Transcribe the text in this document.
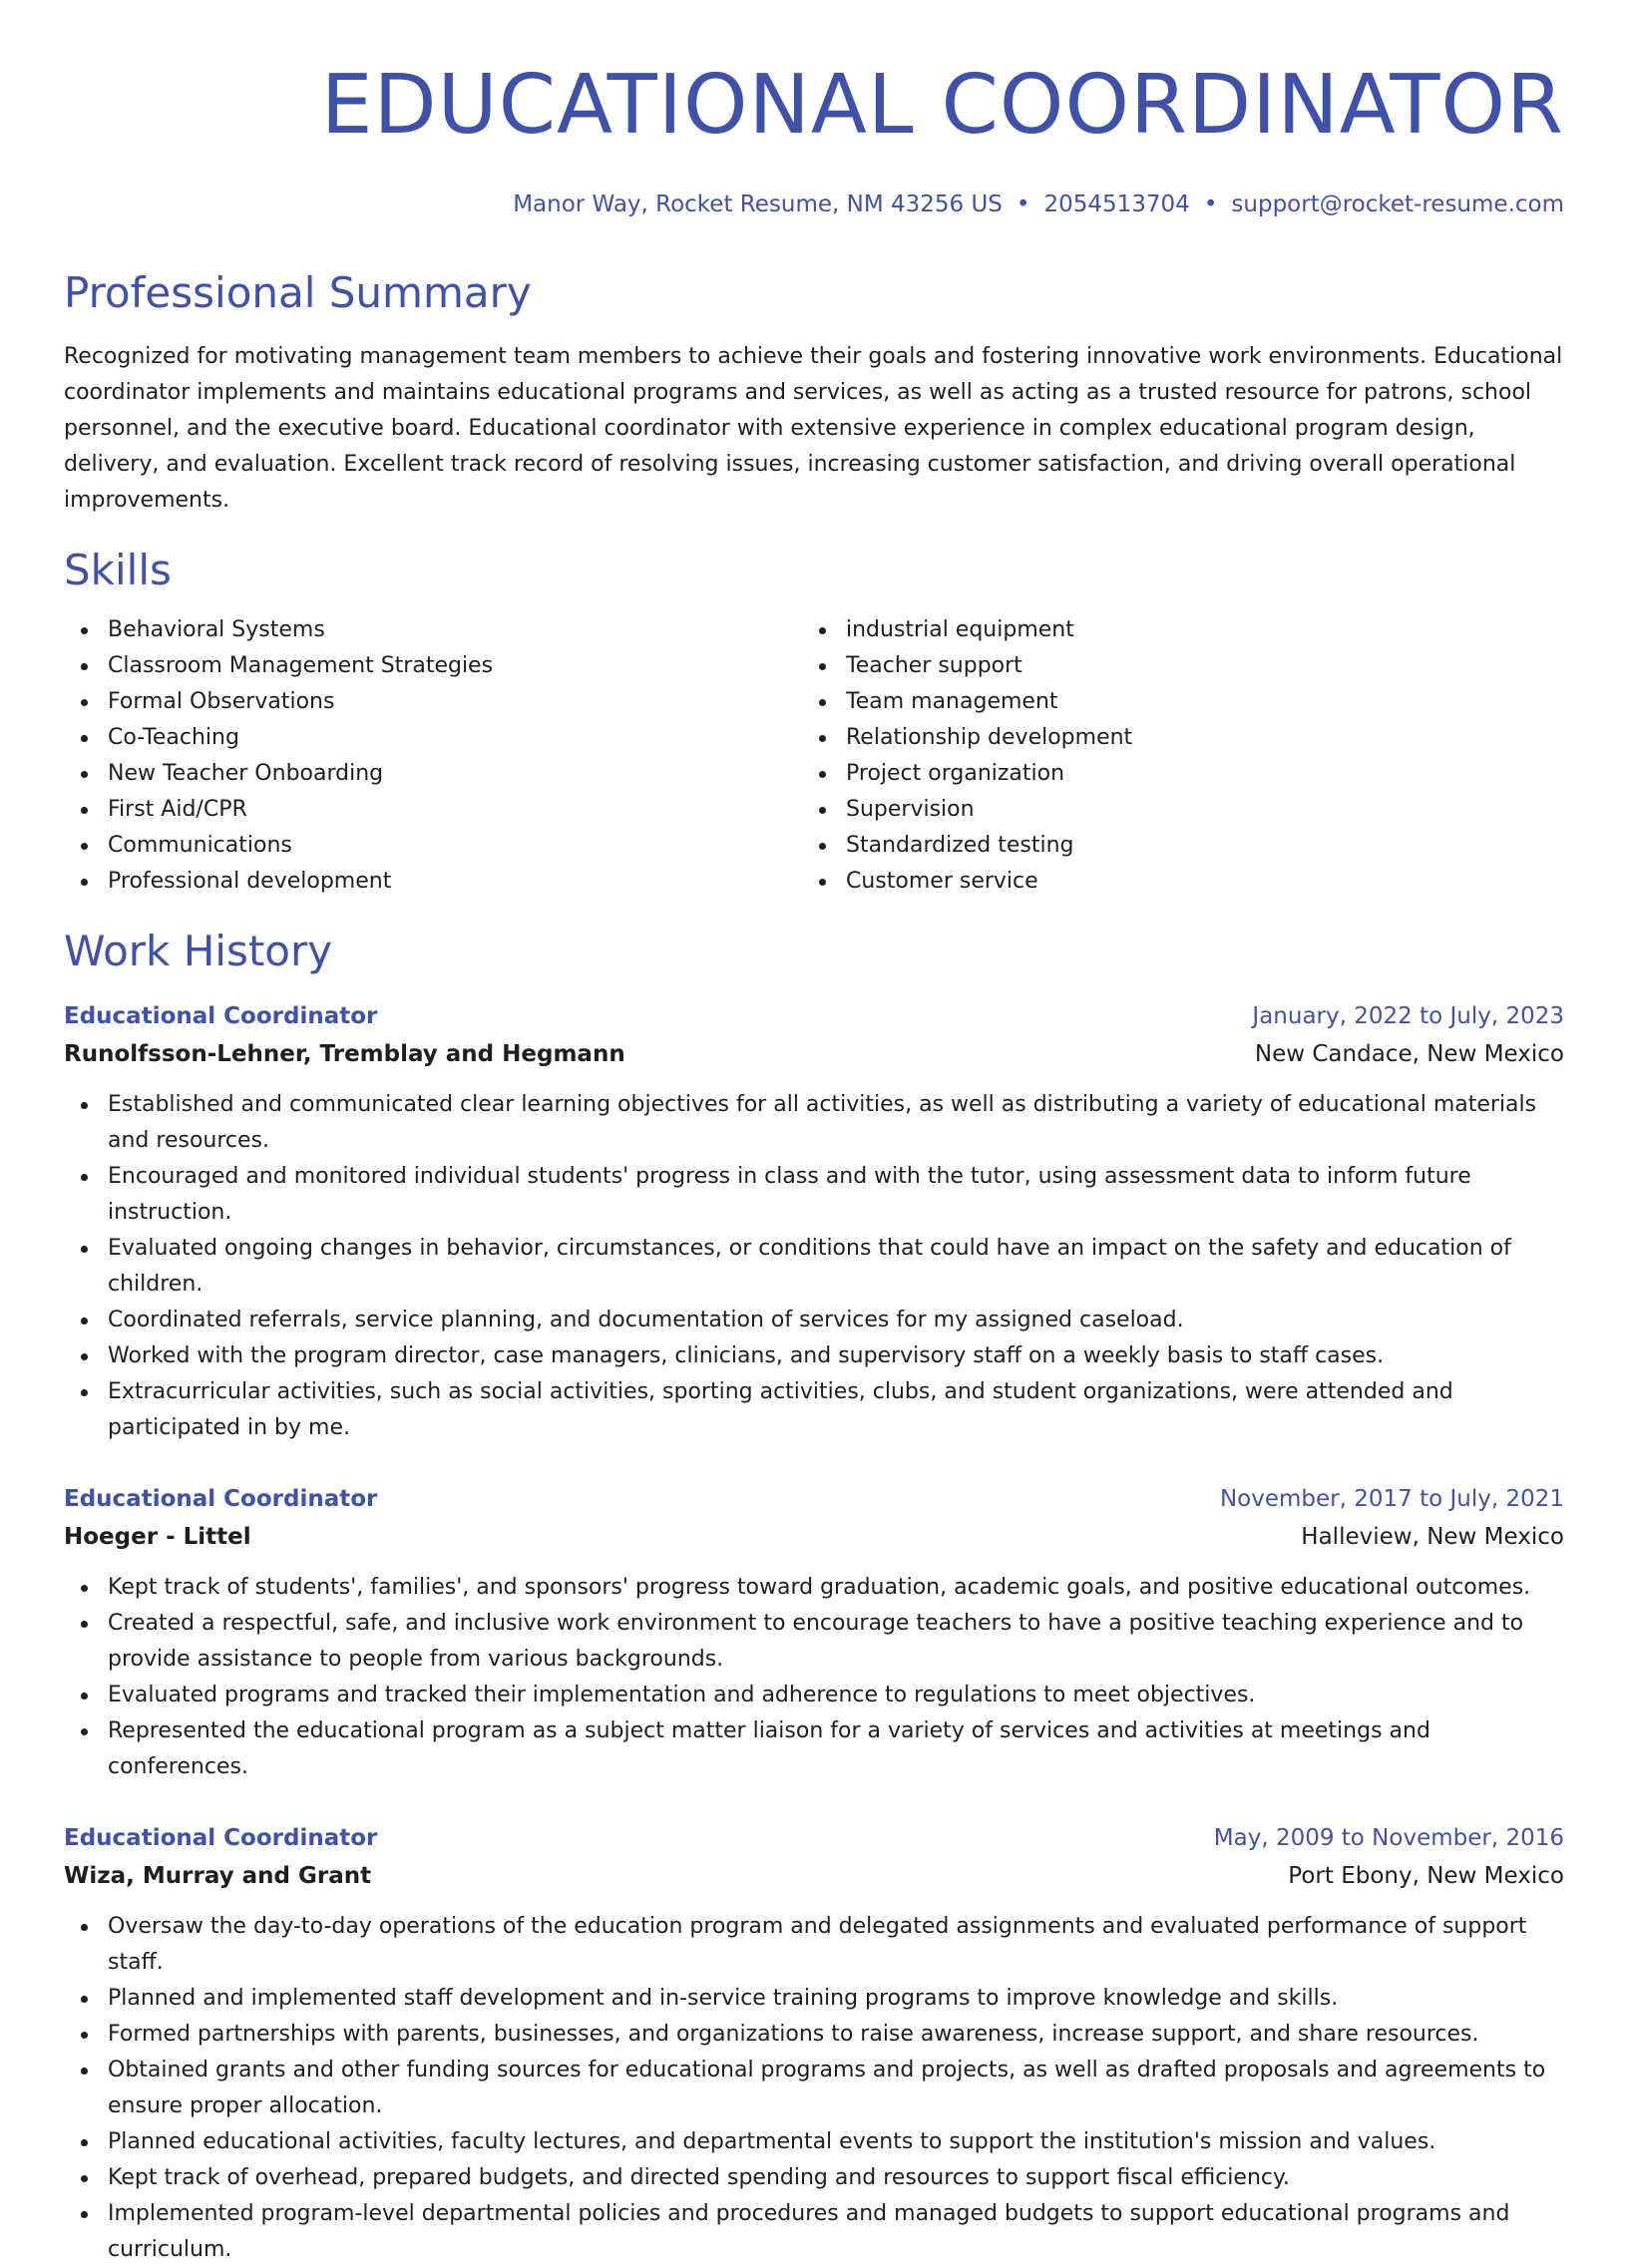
EDUCATIONAL COORDINATOR
Manor Way, Rocket Resume, NM 43256 US • 2054513704 • support@rocket-resume.com
Professional Summary

Recognized for motivating management team members to achieve their goals and fostering innovative work environments. Educational coordinator implements and maintains educational programs and services, as well as acting as a trusted resource for patrons, school personnel, and the executive board. Educational coordinator with extensive experience in complex educational program design, delivery, and evaluation. Excellent track record of resolving issues, increasing customer satisfaction, and driving overall operational improvements.

Skills
Behavioral Systems
Classroom Management Strategies
Formal Observations
Co-Teaching
New Teacher Onboarding
First Aid/CPR
Communications
Professional development
industrial equipment
Teacher support
Team management
Relationship development
Project organization
Supervision
Standardized testing
Customer service
Work History
Educational Coordinator	January, 2022 to July, 2023
Runolfsson-Lehner, Tremblay and Hegmann	New Candace, New Mexico
Established and communicated clear learning objectives for all activities, as well as distributing a variety of educational materials and resources.
Encouraged and monitored individual students' progress in class and with the tutor, using assessment data to inform future instruction.
Evaluated ongoing changes in behavior, circumstances, or conditions that could have an impact on the safety and education of children.
Coordinated referrals, service planning, and documentation of services for my assigned caseload.
Worked with the program director, case managers, clinicians, and supervisory staff on a weekly basis to staff cases.
Extracurricular activities, such as social activities, sporting activities, clubs, and student organizations, were attended and participated in by me.
Educational Coordinator	November, 2017 to July, 2021
Hoeger - Littel	Halleview, New Mexico
Kept track of students', families', and sponsors' progress toward graduation, academic goals, and positive educational outcomes.
Created a respectful, safe, and inclusive work environment to encourage teachers to have a positive teaching experience and to provide assistance to people from various backgrounds.
Evaluated programs and tracked their implementation and adherence to regulations to meet objectives.
Represented the educational program as a subject matter liaison for a variety of services and activities at meetings and conferences.
Educational Coordinator	May, 2009 to November, 2016
Wiza, Murray and Grant	Port Ebony, New Mexico
Oversaw the day-to-day operations of the education program and delegated assignments and evaluated performance of support staff.
Planned and implemented staff development and in-service training programs to improve knowledge and skills.
Formed partnerships with parents, businesses, and organizations to raise awareness, increase support, and share resources.
Obtained grants and other funding sources for educational programs and projects, as well as drafted proposals and agreements to ensure proper allocation.
Planned educational activities, faculty lectures, and departmental events to support the institution's mission and values.
Kept track of overhead, prepared budgets, and directed spending and resources to support fiscal efficiency.
Implemented program-level departmental policies and procedures and managed budgets to support educational programs and curriculum.
